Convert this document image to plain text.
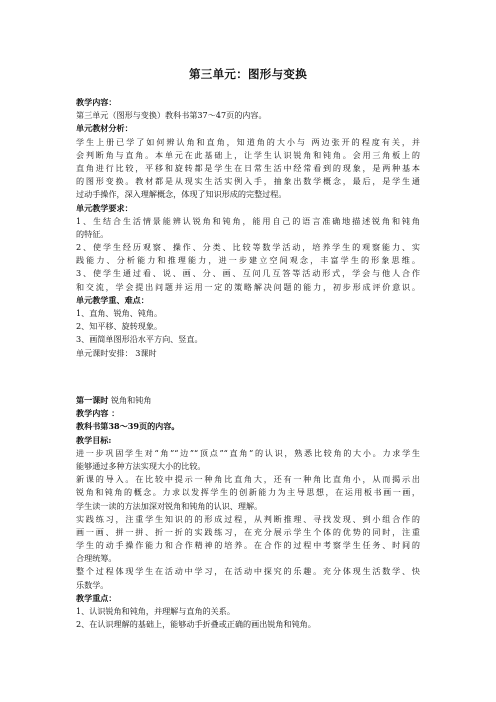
第三单元：图形与变换
教学内容：
第三单元（图形与变换）教科书第37～47页的内容。
单元教材分析：
学生上册已学了如何辨认角和直角，知道角的大小与 两边张开的程度有关，并
会判断角与直角。本单元在此基础上，让学生认识锐角和钝角。会用三角板上的
直角进行比较，平移和旋转都是学生在日常生活中经常看到的现象，是两种基本
的图形变换。教材都是从现实生活实例入手，抽象出数学概念，最后，是学生通
过动手操作，深入理解概念，体现了知识形成的完整过程。
单元教学要求：
1、生结合生活情景能辨认锐角和钝角，能用自己的语言准确地描述锐角和钝角
的特征。
2、使学生经历观察、操作、分类、比较等数学活动，培养学生的观察能力、实
践能力、分析能力和推理能力，进一步建立空间观念，丰富学生的形象思维。
3、使学生通过看、说、画、分、画、互问几互答等活动形式，学会与他人合作
和交流，学会提出问题并运用一定的策略解决问题的能力，初步形成评价意识。
单元教学重、难点：
1、直角、锐角、钝角。
2、知平移、旋转现象。
3、画简单图形沿水平方向、竖直。
单元课时安排： 3课时
第一课时 锐角和钝角
教学内容 ：
教科书第38～39页的内容。
教学目标:
进一步巩固学生对“角”“边”“顶点”“直角”的认识，熟悉比较角的大小。力求学生
能够通过多种方法实现大小的比较。
新课的导入。在比较中提示一种角比直角大，还有一种角比直角小，从而揭示出
锐角和钝角的概念。力求以发挥学生的创新能力为主导思想，在运用板书画一画，
学生读一读的方法加深对锐角和钝角的认识、理解。
实践练习，注重学生知识的的形成过程，从判断推理、寻找发现、到小组合作的
画一画、拼一拼、折一折的实践练习，在充分展示学生个体的优势的同时，注重
学生的动手操作能力和合作精神的培养。在合作的过程中考察学生任务、时间的
合理统筹。
整个过程体现学生在活动中学习，在活动中探究的乐趣。充分体现生活数学、快
乐数学。
教学重点：
1、认识锐角和钝角，并理解与直角的关系。
2、在认识理解的基础上，能够动手折叠或正确的画出锐角和钝角。
